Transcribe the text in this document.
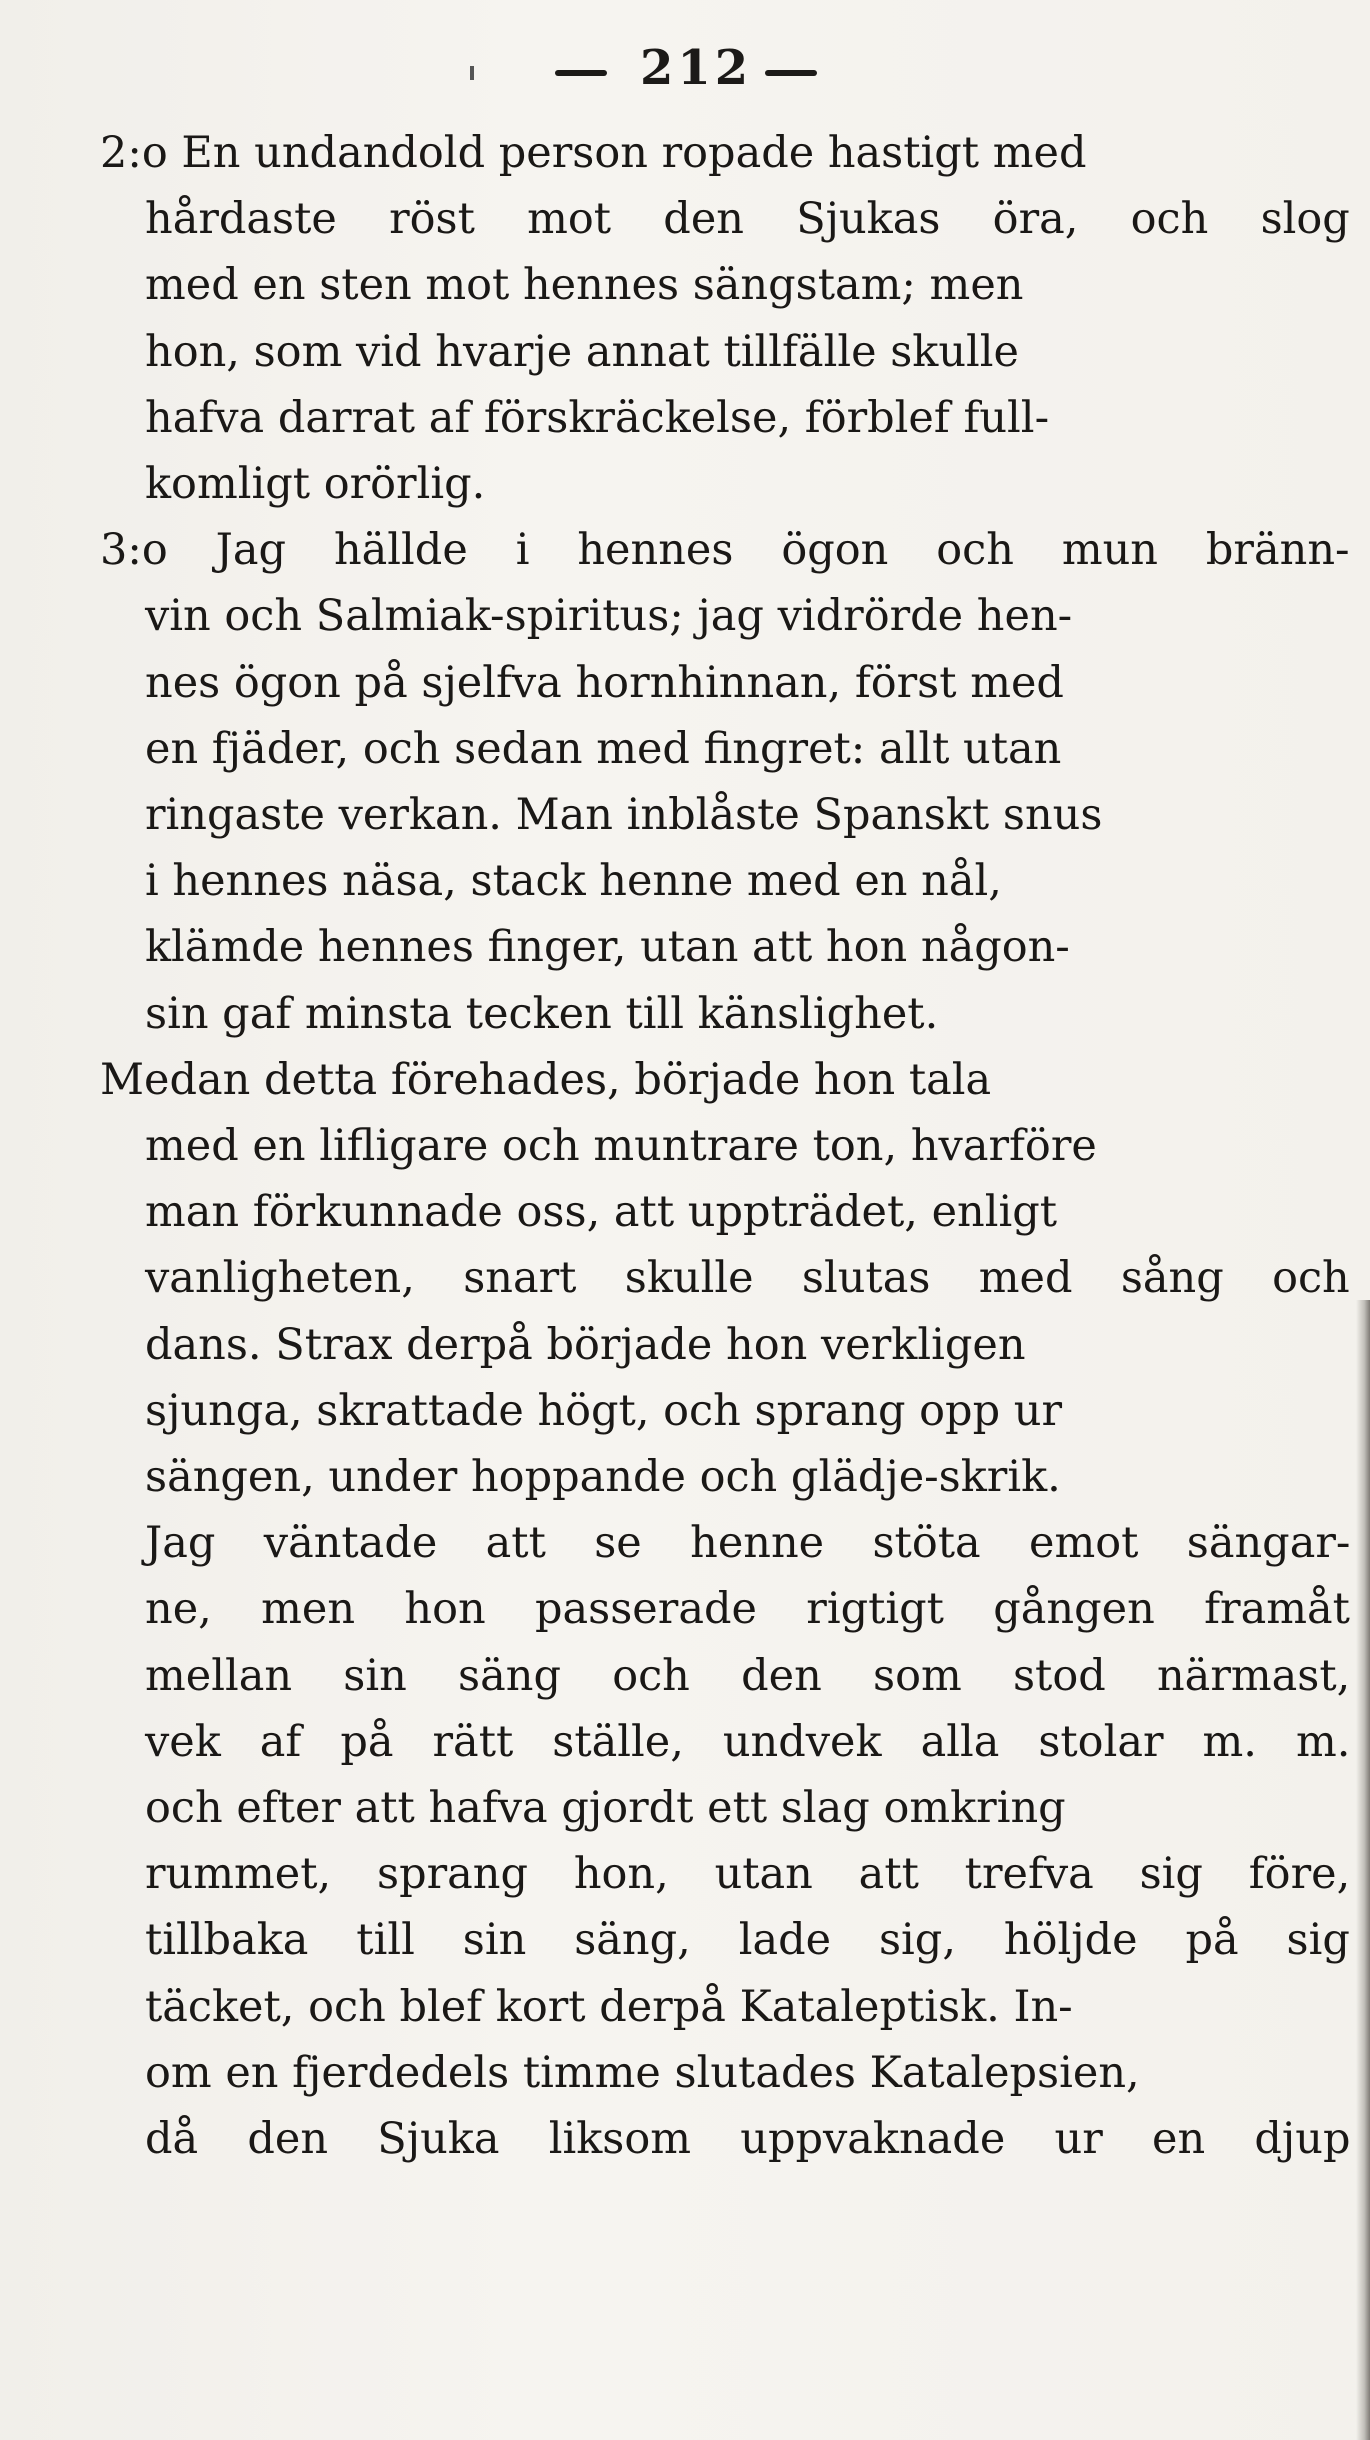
212
2:o En undandold person ropade hastigt med
hårdaste röst mot den Sjukas öra, och slog
med en sten mot hennes sängstam; men
hon, som vid hvarje annat tillfälle skulle
hafva darrat af förskräckelse, förblef full-
komligt orörlig.
3:o Jag hällde i hennes ögon och mun bränn-
vin och Salmiak-spiritus; jag vidrörde hen-
nes ögon på sjelfva hornhinnan, först med
en fjäder, och sedan med fingret: allt utan
ringaste verkan. Man inblåste Spanskt snus
i hennes näsa, stack henne med en nål,
klämde hennes finger, utan att hon någon-
sin gaf minsta tecken till känslighet.
Medan detta förehades, började hon tala
med en lifligare och muntrare ton, hvarföre
man förkunnade oss, att uppträdet, enligt
vanligheten, snart skulle slutas med sång och
dans. Strax derpå började hon verkligen
sjunga, skrattade högt, och sprang opp ur
sängen, under hoppande och glädje-skrik.
Jag väntade att se henne stöta emot sängar-
ne, men hon passerade rigtigt gången framåt
mellan sin säng och den som stod närmast,
vek af på rätt ställe, undvek alla stolar m. m.
och efter att hafva gjordt ett slag omkring
rummet, sprang hon, utan att trefva sig före,
tillbaka till sin säng, lade sig, höljde på sig
täcket, och blef kort derpå Kataleptisk. In-
om en fjerdedels timme slutades Katalepsien,
då den Sjuka liksom uppvaknade ur en djup
